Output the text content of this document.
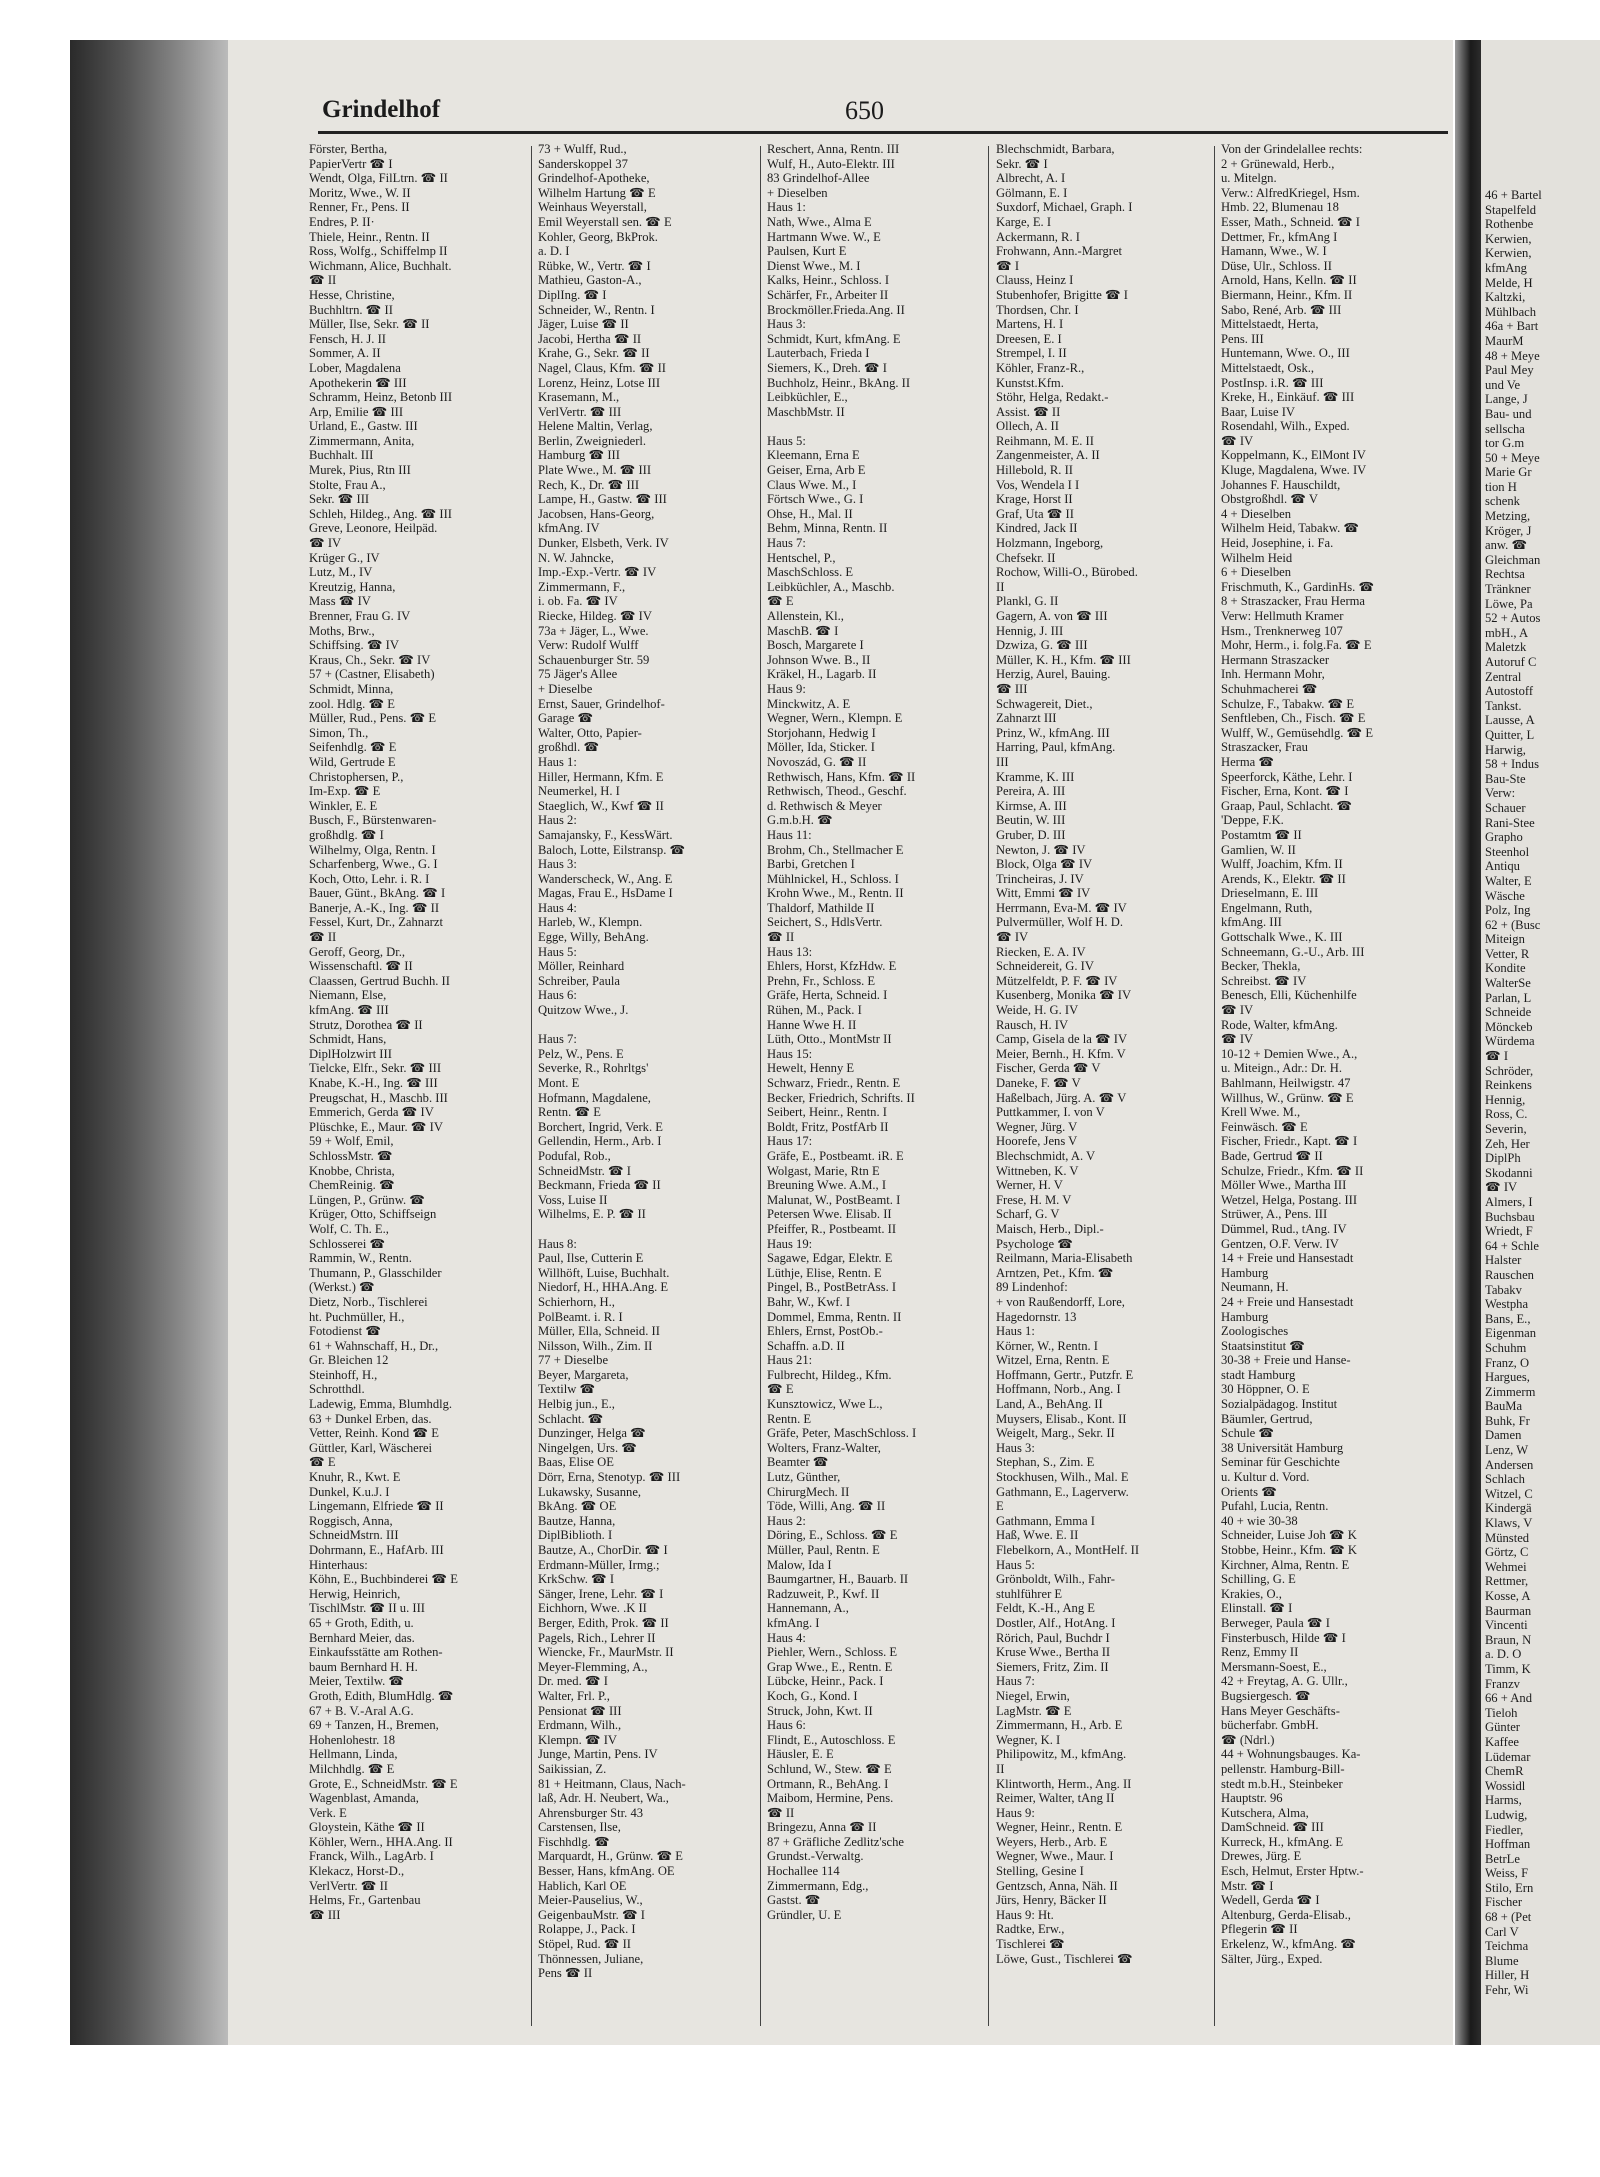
46 + Bartel
Stapelfeld
Rothenbe
Kerwien,
Kerwien,
kfmAng
Melde, H
Kaltzki,
Mühlbach
46a + Bart
MaurM
48 + Meye
Paul Mey
und Ve
Lange, J
Bau- und
sellscha
tor G.m
50 + Meye
Marie Gr
tion H
schenk
Metzing,
Kröger, J
anw. ☎
Gleichman
Rechtsa
Tränkner
Löwe, Pa
52 + Autos
mbH., A
Maletzk
Autoruf C
Zentral
Autostoff
Tankst.
Lausse, A
Quitter, L
Harwig,
58 + Indus
Bau-Ste
Verw:
Schauer
Rani-Stee
Grapho
Steenhol
Antiqu
Walter, E
Wäsche
Polz, Ing
62 + (Busc
Miteign
Vetter, R
Kondite
WalterSe
Parlan, L
Schneide
Mönckeb
Würdema
☎ I
Schröder,
Reinkens
Hennig,
Ross, C.
Severin,
Zeh, Her
DiplPh
Skodanni
☎ IV
Almers, I
Buchsbau
Wriedt, F
64 + Schle
Halster
Rauschen
Tabakv
Westpha
Bans, E.,
Eigenman
Schuhm
Franz, O
Hargues,
Zimmerm
BauMa
Buhk, Fr
Damen
Lenz, W
Andersen
Schlach
Witzel, C
Kindergä
Klaws, V
Münsted
Görtz, C
Wehmei
Rettmer,
Kosse, A
Baurman
Vincenti
Braun, N
a. D. O
Timm, K
Franzv
66 + And
Tieloh
Günter
Kaffee
Lüdemar
ChemR
Wossidl
Harms,
Ludwig,
Fiedler,
Hoffman
BetrLe
Weiss, F
Stilo, Ern
Fischer
68 + (Pet
Carl V
Teichma
Blume
Hiller, H
Fehr, Wi
Grindelhof	650
Förster, Bertha,
PapierVertr ☎ I
Wendt, Olga, FilLtrn. ☎ II
Moritz, Wwe., W. II
Renner, Fr., Pens. II
Endres, P. II·
Thiele, Heinr., Rentn. II
Ross, Wolfg., Schiffelmp II
Wichmann, Alice, Buchhalt.
☎ II
Hesse, Christine,
Buchhltrn. ☎ II
Müller, Ilse, Sekr. ☎ II
Fensch, H. J. II
Sommer, A. II
Lober, Magdalena
Apothekerin ☎ III
Schramm, Heinz, Betonb III
Arp, Emilie ☎ III
Urland, E., Gastw. III
Zimmermann, Anita,
Buchhalt. III
Murek, Pius, Rtn III
Stolte, Frau A.,
Sekr. ☎ III
Schleh, Hildeg., Ang. ☎ III
Greve, Leonore, Heilpäd.
☎ IV
Krüger G., IV
Lutz, M., IV
Kreutzig, Hanna,
Mass ☎ IV
Brenner, Frau G. IV
Moths, Brw.,
Schiffsing. ☎ IV
Kraus, Ch., Sekr. ☎ IV
57 + (Castner, Elisabeth)
Schmidt, Minna,
zool. Hdlg. ☎ E
Müller, Rud., Pens. ☎ E
Simon, Th.,
Seifenhdlg. ☎ E
Wild, Gertrude E
Christophersen, P.,
Im-Exp. ☎ E
Winkler, E. E
Busch, F., Bürstenwaren-
großhdlg. ☎ I
Wilhelmy, Olga, Rentn. I
Scharfenberg, Wwe., G. I
Koch, Otto, Lehr. i. R. I
Bauer, Günt., BkAng. ☎ I
Banerje, A.-K., Ing. ☎ II
Fessel, Kurt, Dr., Zahnarzt
☎ II
Geroff, Georg, Dr.,
Wissenschaftl. ☎ II
Claassen, Gertrud Buchh. II
Niemann, Else,
kfmAng. ☎ III
Strutz, Dorothea ☎ II
Schmidt, Hans,
DiplHolzwirt III
Tielcke, Elfr., Sekr. ☎ III
Knabe, K.-H., Ing. ☎ III
Preugschat, H., Maschb. III
Emmerich, Gerda ☎ IV
Plüschke, E., Maur. ☎ IV
59 + Wolf, Emil,
SchlossMstr. ☎
Knobbe, Christa,
ChemReinig. ☎
Lüngen, P., Grünw. ☎
Krüger, Otto, Schiffseign
Wolf, C. Th. E.,
Schlosserei ☎
Rammin, W., Rentn.
Thumann, P., Glasschilder
(Werkst.) ☎
Dietz, Norb., Tischlerei
ht. Puchmüller, H.,
Fotodienst ☎
61 + Wahnschaff, H., Dr.,
Gr. Bleichen 12
Steinhoff, H.,
Schrotthdl.
Ladewig, Emma, Blumhdlg.
63 + Dunkel Erben, das.
Vetter, Reinh. Kond ☎ E
Güttler, Karl, Wäscherei
☎ E
Knuhr, R., Kwt. E
Dunkel, K.u.J. I
Lingemann, Elfriede ☎ II
Roggisch, Anna,
SchneidMstrn. III
Dohrmann, E., HafArb. III
Hinterhaus:
Köhn, E., Buchbinderei ☎ E
Herwig, Heinrich,
TischlMstr. ☎ II u. III
65 + Groth, Edith, u.
Bernhard Meier, das.
Einkaufsstätte am Rothen-
baum Bernhard H. H.
Meier, Textilw. ☎
Groth, Edith, BlumHdlg. ☎
67 + B. V.-Aral A.G.
69 + Tanzen, H., Bremen,
Hohenlohestr. 18
Hellmann, Linda,
Milchhdlg. ☎ E
Grote, E., SchneidMstr. ☎ E
Wagenblast, Amanda,
Verk. E
Gloystein, Käthe ☎ II
Köhler, Wern., HHA.Ang. II
Franck, Wilh., LagArb. I
Klekacz, Horst-D.,
VerlVertr. ☎ II
Helms, Fr., Gartenbau
☎ III
73 + Wulff, Rud.,
Sanderskoppel 37
Grindelhof-Apotheke,
Wilhelm Hartung ☎ E
Weinhaus Weyerstall,
Emil Weyerstall sen. ☎ E
Kohler, Georg, BkProk.
a. D. I
Rübke, W., Vertr. ☎ I
Mathieu, Gaston-A.,
DiplIng. ☎ I
Schneider, W., Rentn. I
Jäger, Luise ☎ II
Jacobi, Hertha ☎ II
Krahe, G., Sekr. ☎ II
Nagel, Claus, Kfm. ☎ II
Lorenz, Heinz, Lotse III
Krasemann, M.,
VerlVertr. ☎ III
Helene Maltin, Verlag,
Berlin, Zweigniederl.
Hamburg ☎ III
Plate Wwe., M. ☎ III
Rech, K., Dr. ☎ III
Lampe, H., Gastw. ☎ III
Jacobsen, Hans-Georg,
kfmAng. IV
Dunker, Elsbeth, Verk. IV
N. W. Jahncke,
Imp.-Exp.-Vertr. ☎ IV
Zimmermann, F.,
i. ob. Fa. ☎ IV
Riecke, Hildeg. ☎ IV
73a + Jäger, L., Wwe.
Verw: Rudolf Wulff
Schauenburger Str. 59
75 Jäger's Allee
+ Dieselbe
Ernst, Sauer, Grindelhof-
Garage ☎
Walter, Otto, Papier-
großhdl. ☎
Haus 1:
Hiller, Hermann, Kfm. E
Neumerkel, H. I
Staeglich, W., Kwf ☎ II
Haus 2:
Samajansky, F., KessWärt.
Baloch, Lotte, Eilstransp. ☎
Haus 3:
Wanderscheck, W., Ang. E
Magas, Frau E., HsDame I
Haus 4:
Harleb, W., Klempn.
Egge, Willy, BehAng.
Haus 5:
Möller, Reinhard
Schreiber, Paula
Haus 6:
Quitzow Wwe., J.

Haus 7:
Pelz, W., Pens. E
Severke, R., Rohrltgs'
Mont. E
Hofmann, Magdalene,
Rentn. ☎ E
Borchert, Ingrid, Verk. E
Gellendin, Herm., Arb. I
Podufal, Rob.,
SchneidMstr. ☎ I
Beckmann, Frieda ☎ II
Voss, Luise II
Wilhelms, E. P. ☎ II

Haus 8:
Paul, Ilse, Cutterin E
Willhöft, Luise, Buchhalt.
Niedorf, H., HHA.Ang. E
Schierhorn, H.,
PolBeamt. i. R. I
Müller, Ella, Schneid. II
Nilsson, Wilh., Zim. II
77 + Dieselbe
Beyer, Margareta,
Textilw ☎
Helbig jun., E.,
Schlacht. ☎
Dunzinger, Helga ☎
Ningelgen, Urs. ☎
Baas, Elise OE
Dörr, Erna, Stenotyp. ☎ III
Lukawsky, Susanne,
BkAng. ☎ OE
Bautze, Hanna,
DiplBiblioth. I
Bautze, A., ChorDir. ☎ I
Erdmann-Müller, Irmg.;
KrkSchw. ☎ I
Sänger, Irene, Lehr. ☎ I
Eichhorn, Wwe. .K II
Berger, Edith, Prok. ☎ II
Pagels, Rich., Lehrer II
Wiencke, Fr., MaurMstr. II
Meyer-Flemming, A.,
Dr. med. ☎ I
Walter, Frl. P.,
Pensionat ☎ III
Erdmann, Wilh.,
Klempn. ☎ IV
Junge, Martin, Pens. IV
Saikissian, Z.
81 + Heitmann, Claus, Nach-
laß, Adr. H. Neubert, Wa.,
Ahrensburger Str. 43
Carstensen, Ilse,
Fischhdlg. ☎
Marquardt, H., Grünw. ☎ E
Besser, Hans, kfmAng. OE
Hablich, Karl OE
Meier-Pauselius, W.,
GeigenbauMstr. ☎ I
Rolappe, J., Pack. I
Stöpel, Rud. ☎ II
Thönnessen, Juliane,
Pens ☎ II
Reschert, Anna, Rentn. III
Wulf, H., Auto-Elektr. III
83 Grindelhof-Allee
+ Dieselben
Haus 1:
Nath, Wwe., Alma E
Hartmann Wwe. W., E
Paulsen, Kurt E
Dienst Wwe., M. I
Kalks, Heinr., Schloss. I
Schärfer, Fr., Arbeiter II
Brockmöller.Frieda.Ang. II
Haus 3:
Schmidt, Kurt, kfmAng. E
Lauterbach, Frieda I
Siemers, K., Dreh. ☎ I
Buchholz, Heinr., BkAng. II
Leibküchler, E.,
MaschbMstr. II

Haus 5:
Kleemann, Erna E
Geiser, Erna, Arb E
Claus Wwe. M., I
Förtsch Wwe., G. I
Ohse, H., Mal. II
Behm, Minna, Rentn. II
Haus 7:
Hentschel, P.,
MaschSchloss. E
Leibküchler, A., Maschb.
☎ E
Allenstein, Kl.,
MaschB. ☎ I
Bosch, Margarete I
Johnson Wwe. B., II
Kräkel, H., Lagarb. II
Haus 9:
Minckwitz, A. E
Wegner, Wern., Klempn. E
Storjohann, Hedwig I
Möller, Ida, Sticker. I
Novoszád, G. ☎ II
Rethwisch, Hans, Kfm. ☎ II
Rethwisch, Theod., Geschf.
d. Rethwisch & Meyer
G.m.b.H. ☎
Haus 11:
Brohm, Ch., Stellmacher E
Barbi, Gretchen I
Mühlnickel, H., Schloss. I
Krohn Wwe., M., Rentn. II
Thaldorf, Mathilde II
Seichert, S., HdlsVertr.
☎ II
Haus 13:
Ehlers, Horst, KfzHdw. E
Prehn, Fr., Schloss. E
Gräfe, Herta, Schneid. I
Rühen, M., Pack. I
Hanne Wwe H. II
Lüth, Otto., MontMstr II
Haus 15:
Hewelt, Henny E
Schwarz, Friedr., Rentn. E
Becker, Friedrich, Schrifts. II
Seibert, Heinr., Rentn. I
Boldt, Fritz, PostfArb II
Haus 17:
Gräfe, E., Postbeamt. iR. E
Wolgast, Marie, Rtn E
Breuning Wwe. A.M., I
Malunat, W., PostBeamt. I
Petersen Wwe. Elisab. II
Pfeiffer, R., Postbeamt. II
Haus 19:
Sagawe, Edgar, Elektr. E
Lüthje, Elise, Rentn. E
Pingel, B., PostBetrAss. I
Bahr, W., Kwf. I
Dommel, Emma, Rentn. II
Ehlers, Ernst, PostOb.-
Schaffn. a.D. II
Haus 21:
Fulbrecht, Hildeg., Kfm.
☎ E
Kunsztowicz, Wwe L.,
Rentn. E
Gräfe, Peter, MaschSchloss. I
Wolters, Franz-Walter,
Beamter ☎
Lutz, Günther,
ChirurgMech. II
Töde, Willi, Ang. ☎ II
Haus 2:
Döring, E., Schloss. ☎ E
Müller, Paul, Rentn. E
Malow, Ida I
Baumgartner, H., Bauarb. II
Radzuweit, P., Kwf. II
Hannemann, A.,
kfmAng. I
Haus 4:
Piehler, Wern., Schloss. E
Grap Wwe., E., Rentn. E
Lübcke, Heinr., Pack. I
Koch, G., Kond. I
Struck, John, Kwt. II
Haus 6:
Flindt, E., Autoschloss. E
Häusler, E. E
Schlund, W., Stew. ☎ E
Ortmann, R., BehAng. I
Maibom, Hermine, Pens.
☎ II
Bringezu, Anna ☎ II
87 + Gräfliche Zedlitz'sche
Grundst.-Verwaltg.
Hochallee 114
Zimmermann, Edg.,
Gastst. ☎
Gründler, U. E
Blechschmidt, Barbara,
Sekr. ☎ I
Albrecht, A. I
Gölmann, E. I
Suxdorf, Michael, Graph. I
Karge, E. I
Ackermann, R. I
Frohwann, Ann.-Margret
☎ I
Clauss, Heinz I
Stubenhofer, Brigitte ☎ I
Thordsen, Chr. I
Martens, H. I
Dreesen, E. I
Strempel, I. II
Köhler, Franz-R.,
Kunstst.Kfm.
Stöhr, Helga, Redakt.-
Assist. ☎ II
Ollech, A. II
Reihmann, M. E. II
Zangenmeister, A. II
Hillebold, R. II
Vos, Wendela I I
Krage, Horst II
Graf, Uta ☎ II
Kindred, Jack II
Holzmann, Ingeborg,
Chefsekr. II
Rochow, Willi-O., Bürobed.
II
Plankl, G. II
Gagern, A. von ☎ III
Hennig, J. III
Dzwiza, G. ☎ III
Müller, K. H., Kfm. ☎ III
Herzig, Aurel, Bauing.
☎ III
Schwagereit, Diet.,
Zahnarzt III
Prinz, W., kfmAng. III
Harring, Paul, kfmAng.
III
Kramme, K. III
Pereira, A. III
Kirmse, A. III
Beutin, W. III
Gruber, D. III
Newton, J. ☎ IV
Block, Olga ☎ IV
Trincheiras, J. IV
Witt, Emmi ☎ IV
Herrmann, Eva-M. ☎ IV
Pulvermüller, Wolf H. D.
☎ IV
Riecken, E. A. IV
Schneidereit, G. IV
Mützelfeldt, P. F. ☎ IV
Kusenberg, Monika ☎ IV
Weide, H. G. IV
Rausch, H. IV
Camp, Gisela de la ☎ IV
Meier, Bernh., H. Kfm. V
Fischer, Gerda ☎ V
Daneke, F. ☎ V
Haßelbach, Jürg. A. ☎ V
Puttkammer, I. von V
Wegner, Jürg. V
Hoorefe, Jens V
Blechschmidt, A. V
Wittneben, K. V
Werner, H. V
Frese, H. M. V
Scharf, G. V
Maisch, Herb., Dipl.-
Psychologe ☎
Reilmann, Maria-Elisabeth
Arntzen, Pet., Kfm. ☎
89 Lindenhof:
+ von Raußendorff, Lore,
Hagedornstr. 13
Haus 1:
Körner, W., Rentn. I
Witzel, Erna, Rentn. E
Hoffmann, Gertr., Putzfr. E
Hoffmann, Norb., Ang. I
Land, A., BehAng. II
Muysers, Elisab., Kont. II
Weigelt, Marg., Sekr. II
Haus 3:
Stephan, S., Zim. E
Stockhusen, Wilh., Mal. E
Gathmann, E., Lagerverw.
E
Gathmann, Emma I
Haß, Wwe. E. II
Flebelkorn, A., MontHelf. II
Haus 5:
Grönboldt, Wilh., Fahr-
stuhlführer E
Feldt, K.-H., Ang E
Dostler, Alf., HotAng. I
Rörich, Paul, Buchdr I
Kruse Wwe., Bertha II
Siemers, Fritz, Zim. II
Haus 7:
Niegel, Erwin,
LagMstr. ☎ E
Zimmermann, H., Arb. E
Wegner, K. I
Philipowitz, M., kfmAng.
II
Klintworth, Herm., Ang. II
Reimer, Walter, tAng II
Haus 9:
Wegner, Heinr., Rentn. E
Weyers, Herb., Arb. E
Wegner, Wwe., Maur. I
Stelling, Gesine I
Gentzsch, Anna, Näh. II
Jürs, Henry, Bäcker II
Haus 9: Ht.
Radtke, Erw.,
Tischlerei ☎
Löwe, Gust., Tischlerei ☎
Von der Grindelallee rechts:
2 + Grünewald, Herb.,
u. Mitelgn.
Verw.: AlfredKriegel, Hsm.
Hmb. 22, Blumenau 18
Esser, Math., Schneid. ☎ I
Dettmer, Fr., kfmAng I
Hamann, Wwe., W. I
Düse, Ulr., Schloss. II
Arnold, Hans, Kelln. ☎ II
Biermann, Heinr., Kfm. II
Sabo, René, Arb. ☎ III
Mittelstaedt, Herta,
Pens. III
Huntemann, Wwe. O., III
Mittelstaedt, Osk.,
PostInsp. i.R. ☎ III
Kreke, H., Einkäuf. ☎ III
Baar, Luise IV
Rosendahl, Wilh., Exped.
☎ IV
Koppelmann, K., ElMont IV
Kluge, Magdalena, Wwe. IV
Johannes F. Hauschildt,
Obstgroßhdl. ☎ V
4 + Dieselben
Wilhelm Heid, Tabakw. ☎
Heid, Josephine, i. Fa.
Wilhelm Heid
6 + Dieselben
Frischmuth, K., GardinHs. ☎
8 + Straszacker, Frau Herma
Verw: Hellmuth Kramer
Hsm., Trenknerweg 107
Mohr, Herm., i. folg.Fa. ☎ E
Hermann Straszacker
Inh. Hermann Mohr,
Schuhmacherei ☎
Schulze, F., Tabakw. ☎ E
Senftleben, Ch., Fisch. ☎ E
Wulff, W., Gemüsehdlg. ☎ E
Straszacker, Frau
Herma ☎
Speerforck, Käthe, Lehr. I
Fischer, Erna, Kont. ☎ I
Graap, Paul, Schlacht. ☎
'Deppe, F.K.
Postamtm ☎ II
Gamlien, W. II
Wulff, Joachim, Kfm. II
Arends, K., Elektr. ☎ II
Drieselmann, E. III
Engelmann, Ruth,
kfmAng. III
Gottschalk Wwe., K. III
Schneemann, G.-U., Arb. III
Becker, Thekla,
Schreibst. ☎ IV
Benesch, Elli, Küchenhilfe
☎ IV
Rode, Walter, kfmAng.
☎ IV
10-12 + Demien Wwe., A.,
u. Miteign., Adr.: Dr. H.
Bahlmann, Heilwigstr. 47
Willhus, W., Grünw. ☎ E
Krell Wwe. M.,
Feinwäsch. ☎ E
Fischer, Friedr., Kapt. ☎ I
Bade, Gertrud ☎ II
Schulze, Friedr., Kfm. ☎ II
Möller Wwe., Martha III
Wetzel, Helga, Postang. III
Strüwer, A., Pens. III
Dümmel, Rud., tAng. IV
Gentzen, O.F. Verw. IV
14 + Freie und Hansestadt
Hamburg
Neumann, H.
24 + Freie und Hansestadt
Hamburg
Zoologisches
Staatsinstitut ☎
30-38 + Freie und Hanse-
stadt Hamburg
30 Höppner, O. E
Sozialpädagog. Institut
Bäumler, Gertrud,
Schule ☎
38 Universität Hamburg
Seminar für Geschichte
u. Kultur d. Vord.
Orients ☎
Pufahl, Lucia, Rentn.
40 + wie 30-38
Schneider, Luise Joh ☎ K
Stobbe, Heinr., Kfm. ☎ K
Kirchner, Alma, Rentn. E
Schilling, G. E
Krakies, O.,
Elinstall. ☎ I
Berweger, Paula ☎ I
Finsterbusch, Hilde ☎ I
Renz, Emmy II
Mersmann-Soest, E.,
42 + Freytag, A. G. Ullr.,
Bugsiergesch. ☎
Hans Meyer Geschäfts-
bücherfabr. GmbH.
☎ (Ndrl.)
44 + Wohnungsbauges. Ka-
pellenstr. Hamburg-Bill-
stedt m.b.H., Steinbeker
Hauptstr. 96
Kutschera, Alma,
DamSchneid. ☎ III
Kurreck, H., kfmAng. E
Drewes, Jürg. E
Esch, Helmut, Erster Hptw.-
Mstr. ☎ I
Wedell, Gerda ☎ I
Altenburg, Gerda-Elisab.,
Pflegerin ☎ II
Erkelenz, W., kfmAng. ☎
Sälter, Jürg., Exped.
